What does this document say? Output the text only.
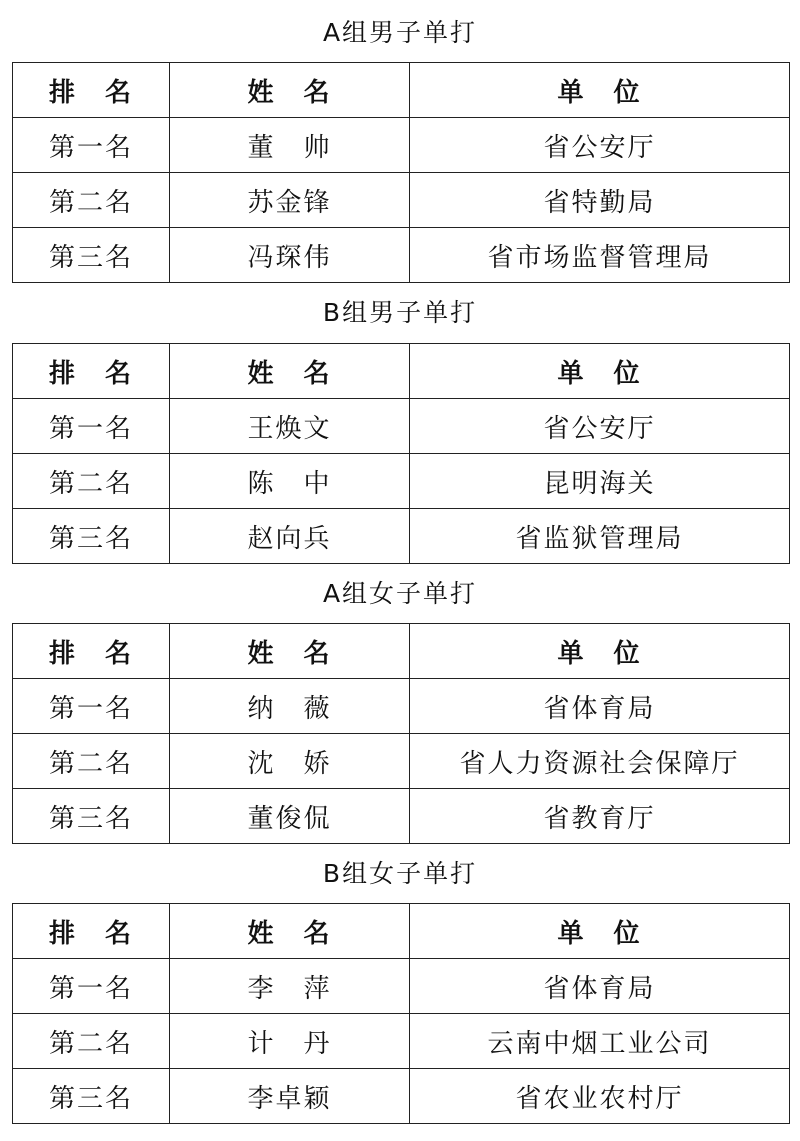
A组男子单打
排　名	姓　名	单　位
第一名	董　帅	省公安厅
第二名	苏金锋	省特勤局
第三名	冯琛伟	省市场监督管理局
B组男子单打
排　名	姓　名	单　位
第一名	王焕文	省公安厅
第二名	陈　中	昆明海关
第三名	赵向兵	省监狱管理局
A组女子单打
排　名	姓　名	单　位
第一名	纳　薇	省体育局
第二名	沈　娇	省人力资源社会保障厅
第三名	董俊侃	省教育厅
B组女子单打
排　名	姓　名	单　位
第一名	李　萍	省体育局
第二名	计　丹	云南中烟工业公司
第三名	李卓颖	省农业农村厅
